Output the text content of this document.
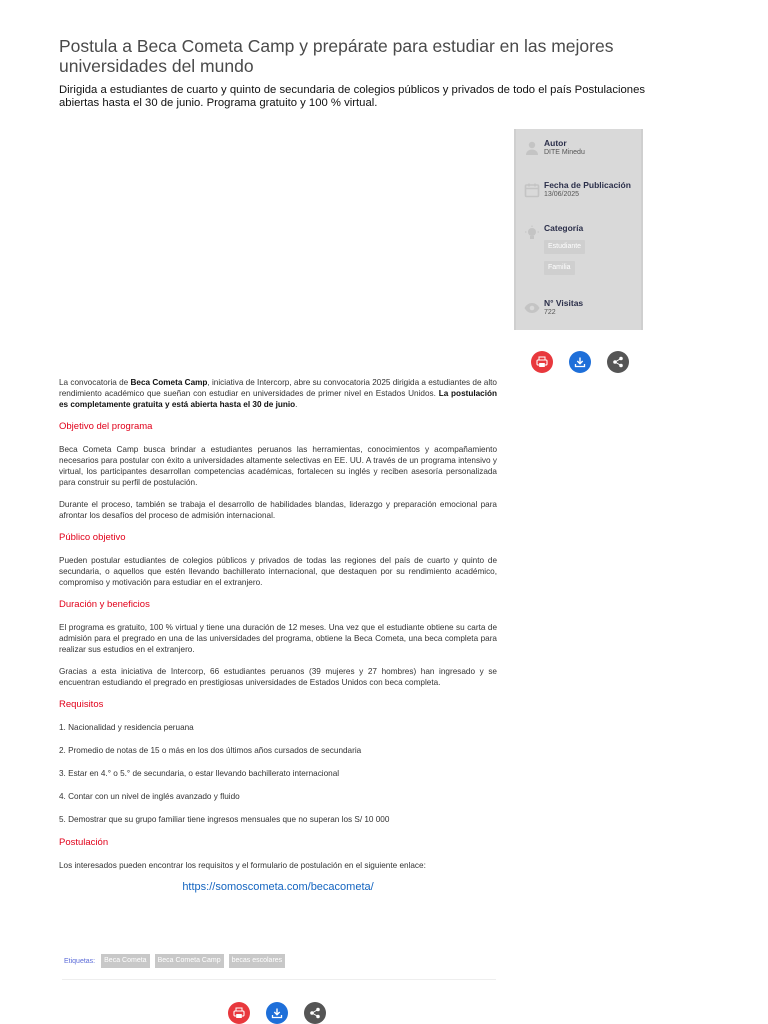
Postula a Beca Cometa Camp y prepárate para estudiar en las mejores universidades del mundo

Dirigida a estudiantes de cuarto y quinto de secundaria de colegios públicos y privados de todo el país Postulaciones abiertas hasta el 30 de junio. Programa gratuito y 100 % virtual.

Autor
DITE Minedu
Fecha de Publicación
13/06/2025
Categoría
Estudiante
Familia
N° Visitas
722

La convocatoria de Beca Cometa Camp, iniciativa de Intercorp, abre su convocatoria 2025 dirigida a estudiantes de alto rendimiento académico que sueñan con estudiar en universidades de primer nivel en Estados Unidos. La postulación es completamente gratuita y está abierta hasta el 30 de junio.

Objetivo del programa

Beca Cometa Camp busca brindar a estudiantes peruanos las herramientas, conocimientos y acompañamiento necesarios para postular con éxito a universidades altamente selectivas en EE. UU. A través de un programa intensivo y virtual, los participantes desarrollan competencias académicas, fortalecen su inglés y reciben asesoría personalizada para construir su perfil de postulación.

Durante el proceso, también se trabaja el desarrollo de habilidades blandas, liderazgo y preparación emocional para afrontar los desafíos del proceso de admisión internacional.

Público objetivo

Pueden postular estudiantes de colegios públicos y privados de todas las regiones del país de cuarto y quinto de secundaria, o aquellos que estén llevando bachillerato internacional, que destaquen por su rendimiento académico, compromiso y motivación para estudiar en el extranjero.

Duración y beneficios

El programa es gratuito, 100 % virtual y tiene una duración de 12 meses. Una vez que el estudiante obtiene su carta de admisión para el pregrado en una de las universidades del programa, obtiene la Beca Cometa, una beca completa para realizar sus estudios en el extranjero.

Gracias a esta iniciativa de Intercorp, 66 estudiantes peruanos (39 mujeres y 27 hombres) han ingresado y se encuentran estudiando el pregrado en prestigiosas universidades de Estados Unidos con beca completa.

Requisitos
1. Nacionalidad y residencia peruana
2. Promedio de notas de 15 o más en los dos últimos años cursados de secundaria
3. Estar en 4.° o 5.° de secundaria, o estar llevando bachillerato internacional
4. Contar con un nivel de inglés avanzado y fluido
5. Demostrar que su grupo familiar tiene ingresos mensuales que no superan los S/ 10 000
Postulación

Los interesados pueden encontrar los requisitos y el formulario de postulación en el siguiente enlace:

https://somoscometa.com/becacometa/
Etiquetas:	Beca Cometa	Beca Cometa Camp	becas escolares
